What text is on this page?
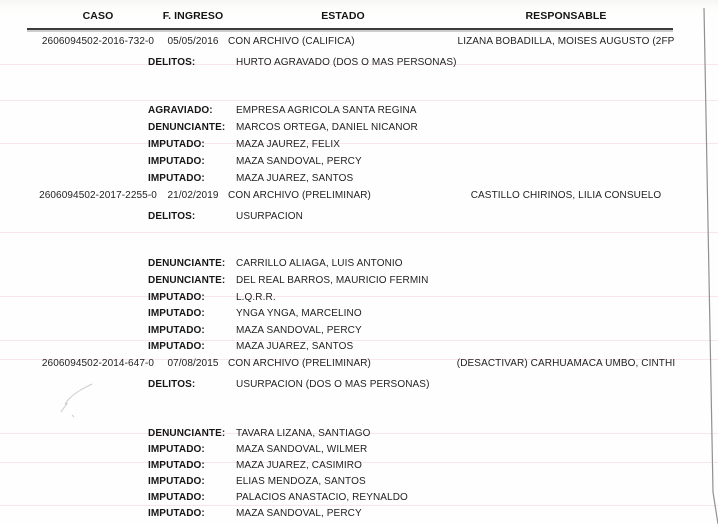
CASO	F. INGRESO	ESTADO	RESPONSABLE
2606094502-2016-732-0	05/05/2016 CON ARCHIVO (CALIFICA)	LIZANA BOBADILLA, MOISES AUGUSTO (2FP
DELITOS:	HURTO AGRAVADO (DOS O MAS PERSONAS)
AGRAVIADO: EMPRESA AGRICOLA SANTA REGINA
DENUNCIANTE: MARCOS ORTEGA, DANIEL NICANOR
IMPUTADO:	MAZA JAUREZ, FELIX
IMPUTADO:	MAZA SANDOVAL, PERCY
IMPUTADO:	MAZA JUAREZ, SANTOS
2606094502-2017-2255-0	21/02/2019 CON ARCHIVO (PRELIMINAR)	CASTILLO CHIRINOS, LILIA CONSUELO
DELITOS:	USURPACION
DENUNCIANTE: CARRILLO ALIAGA, LUIS ANTONIO
DENUNCIANTE: DEL REAL BARROS, MAURICIO FERMIN
IMPUTADO:	L.Q.R.R.
IMPUTADO:	YNGA YNGA, MARCELINO
IMPUTADO:	MAZA SANDOVAL, PERCY
IMPUTADO:	MAZA JUAREZ, SANTOS
2606094502-2014-647-0	07/08/2015 CON ARCHIVO (PRELIMINAR)	(DESACTIVAR) CARHUAMACA UMBO, CINTHI
DELITOS:	USURPACION (DOS O MAS PERSONAS)
DENUNCIANTE: TAVARA LIZANA, SANTIAGO
IMPUTADO:	MAZA SANDOVAL, WILMER
IMPUTADO:	MAZA JUAREZ, CASIMIRO
IMPUTADO:	ELIAS MENDOZA, SANTOS
IMPUTADO:	PALACIOS ANASTACIO, REYNALDO
IMPUTADO:	MAZA SANDOVAL, PERCY
